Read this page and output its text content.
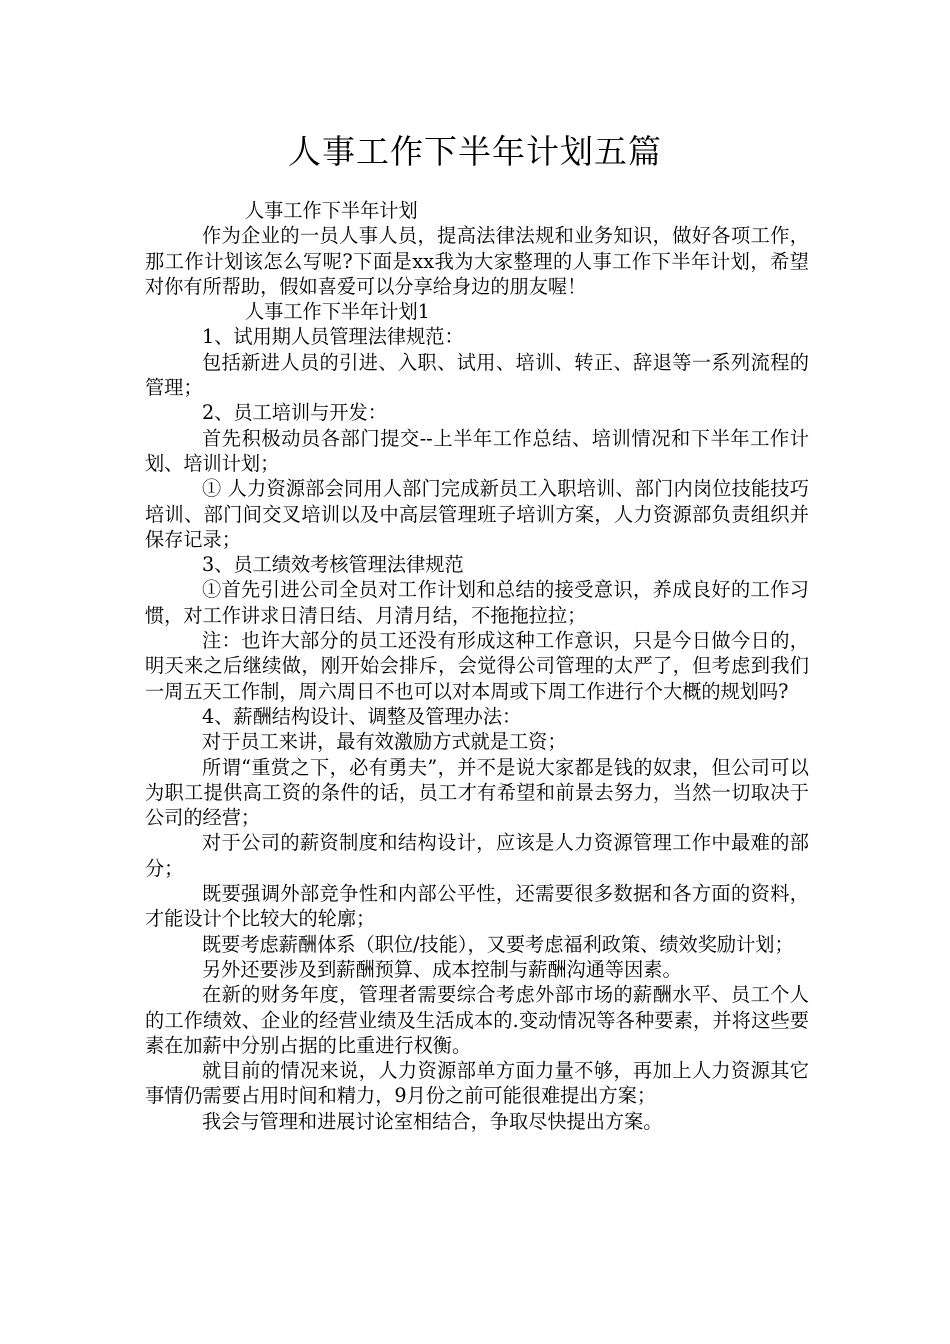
人事工作下半年计划五篇

人事工作下半年计划

作为企业的一员人事人员，提高法律法规和业务知识，做好各项工作，那工作计划该怎么写呢?下面是xx我为大家整理的人事工作下半年计划，希望对你有所帮助，假如喜爱可以分享给身边的朋友喔！

人事工作下半年计划1

1、试用期人员管理法律规范：

包括新进人员的引进、入职、试用、培训、转正、辞退等一系列流程的管理；

2、员工培训与开发：

首先积极动员各部门提交--上半年工作总结、培训情况和下半年工作计划、培训计划；

① 人力资源部会同用人部门完成新员工入职培训、部门内岗位技能技巧培训、部门间交叉培训以及中高层管理班子培训方案，人力资源部负责组织并保存记录；

3、员工绩效考核管理法律规范

①首先引进公司全员对工作计划和总结的接受意识，养成良好的工作习惯，对工作讲求日清日结、月清月结，不拖拖拉拉；

注：也许大部分的员工还没有形成这种工作意识，只是今日做今日的，明天来之后继续做，刚开始会排斥，会觉得公司管理的太严了，但考虑到我们一周五天工作制，周六周日不也可以对本周或下周工作进行个大概的规划吗?

4、薪酬结构设计、调整及管理办法：

对于员工来讲，最有效激励方式就是工资；

所谓“重赏之下，必有勇夫”，并不是说大家都是钱的奴隶，但公司可以为职工提供高工资的条件的话，员工才有希望和前景去努力，当然一切取决于公司的经营；

对于公司的薪资制度和结构设计，应该是人力资源管理工作中最难的部分；

既要强调外部竞争性和内部公平性，还需要很多数据和各方面的资料，才能设计个比较大的轮廓；

既要考虑薪酬体系（职位/技能），又要考虑福利政策、绩效奖励计划；

另外还要涉及到薪酬预算、成本控制与薪酬沟通等因素。

在新的财务年度，管理者需要综合考虑外部市场的薪酬水平、员工个人的工作绩效、企业的经营业绩及生活成本的.变动情况等各种要素，并将这些要素在加薪中分别占据的比重进行权衡。

就目前的情况来说，人力资源部单方面力量不够，再加上人力资源其它事情仍需要占用时间和精力，9月份之前可能很难提出方案；

我会与管理和进展讨论室相结合，争取尽快提出方案。
